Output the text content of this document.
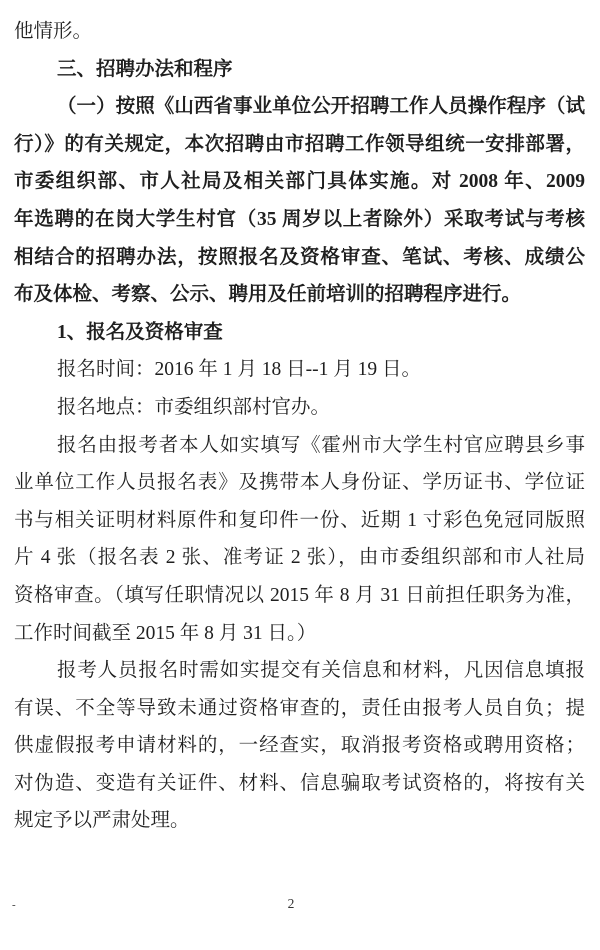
他情形。
三、招聘办法和程序
（一）按照《山西省事业单位公开招聘工作人员操作程序（试
行）》的有关规定，本次招聘由市招聘工作领导组统一安排部署，
市委组织部、市人社局及相关部门具体实施。对 2008 年、2009
年选聘的在岗大学生村官（35 周岁以上者除外）采取考试与考核
相结合的招聘办法，按照报名及资格审查、笔试、考核、成绩公
布及体检、考察、公示、聘用及任前培训的招聘程序进行。
1、报名及资格审查
报名时间：2016 年 1 月 18 日--1 月 19 日。
报名地点：市委组织部村官办。
报名由报考者本人如实填写《霍州市大学生村官应聘县乡事
业单位工作人员报名表》及携带本人身份证、学历证书、学位证
书与相关证明材料原件和复印件一份、近期 1 寸彩色免冠同版照
片 4 张（报名表 2 张、准考证 2 张），由市委组织部和市人社局
资格审查。（填写任职情况以 2015 年 8 月 31 日前担任职务为准，
工作时间截至 2015 年 8 月 31 日。）
报考人员报名时需如实提交有关信息和材料，凡因信息填报
有误、不全等导致未通过资格审查的，责任由报考人员自负；提
供虚假报考申请材料的，一经查实，取消报考资格或聘用资格；
对伪造、变造有关证件、材料、信息骗取考试资格的，将按有关
规定予以严肃处理。
-	2
